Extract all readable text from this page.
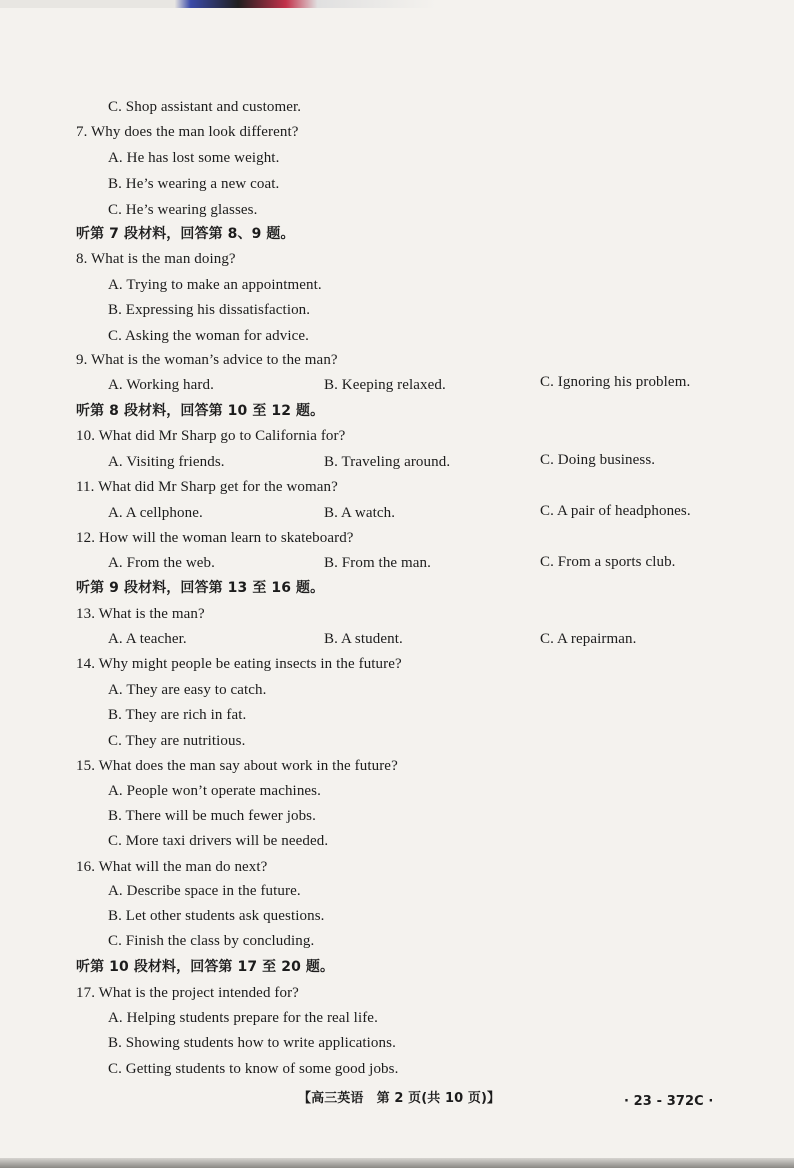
C. Shop assistant and customer.
7. Why does the man look different?
A. He has lost some weight.
B. He’s wearing a new coat.
C. He’s wearing glasses.
听第 7 段材料，回答第 8、9 题。
8. What is the man doing?
A. Trying to make an appointment.
B. Expressing his dissatisfaction.
C. Asking the woman for advice.
9. What is the woman’s advice to the man?
A. Working hard.	B. Keeping relaxed.	C. Ignoring his problem.
听第 8 段材料，回答第 10 至 12 题。
10. What did Mr Sharp go to California for?
A. Visiting friends.	B. Traveling around.	C. Doing business.
11. What did Mr Sharp get for the woman?
A. A cellphone.	B. A watch.	C. A pair of headphones.
12. How will the woman learn to skateboard?
A. From the web.	B. From the man.	C. From a sports club.
听第 9 段材料，回答第 13 至 16 题。
13. What is the man?
A. A teacher.	B. A student.	C. A repairman.
14. Why might people be eating insects in the future?
A. They are easy to catch.
B. They are rich in fat.
C. They are nutritious.
15. What does the man say about work in the future?
A. People won’t operate machines.
B. There will be much fewer jobs.
C. More taxi drivers will be needed.
16. What will the man do next?
A. Describe space in the future.
B. Let other students ask questions.
C. Finish the class by concluding.
听第 10 段材料，回答第 17 至 20 题。
17. What is the project intended for?
A. Helping students prepare for the real life.
B. Showing students how to write applications.
C. Getting students to know of some good jobs.
【高三英语　第 2 页(共 10 页)】	· 23 - 372C ·
